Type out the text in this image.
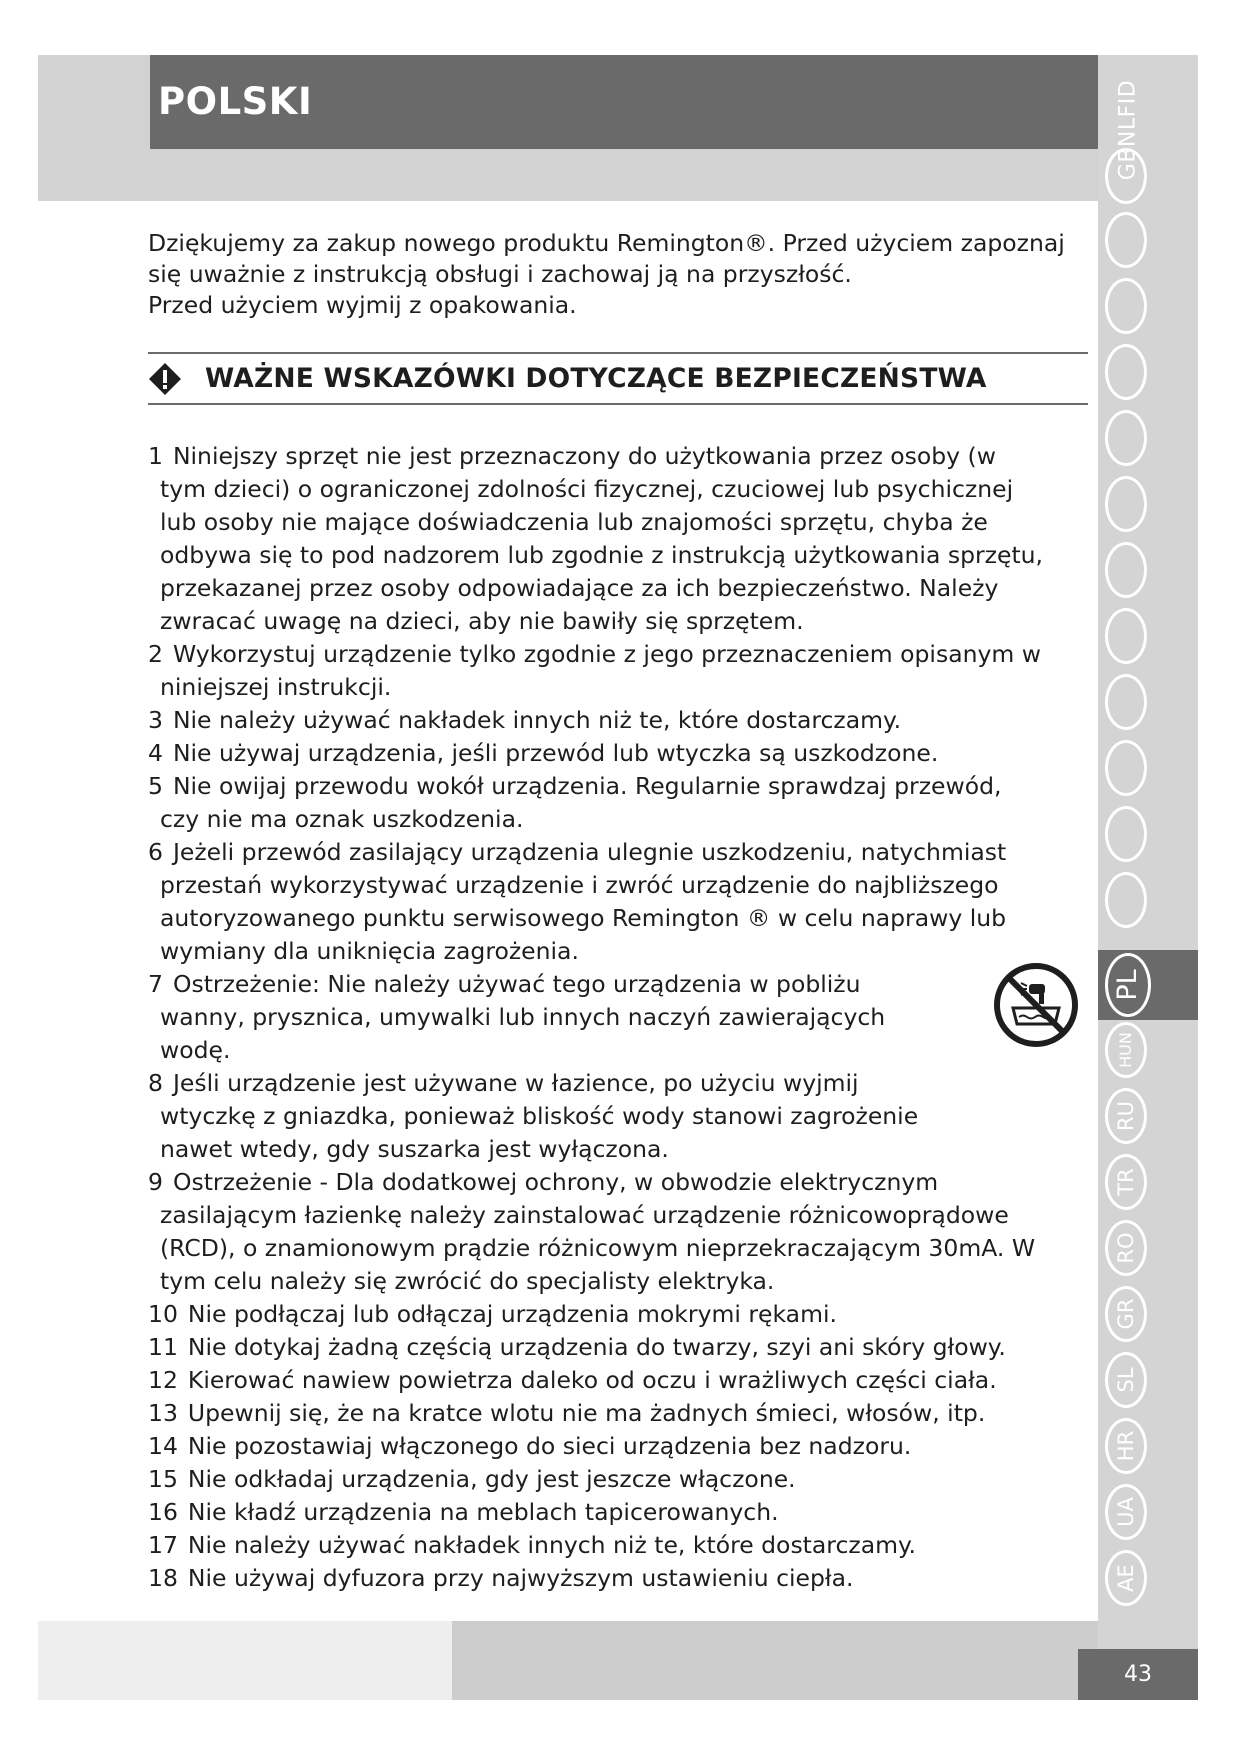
POLSKI
GBNLFID
PL
HUN
RU
TR
RO
GR
SL
HR
UA
AE
43

Dziękujemy za zakup nowego produktu Remington®. Przed użyciem zapoznaj się uważnie z instrukcją obsługi i zachowaj ją na przyszłość.

Przed użyciem wyjmij z opakowania.

WAŻNE WSKAZÓWKI DOTYCZĄCE BEZPIECZEŃSTWA
1 Niniejszy sprzęt nie jest przeznaczony do użytkowania przez osoby (w tym dzieci) o ograniczonej zdolności fizycznej, czuciowej lub psychicznej lub osoby nie mające doświadczenia lub znajomości sprzętu, chyba że odbywa się to pod nadzorem lub zgodnie z instrukcją użytkowania sprzętu, przekazanej przez osoby odpowiadające za ich bezpieczeństwo. Należy zwracać uwagę na dzieci, aby nie bawiły się sprzętem.
2 Wykorzystuj urządzenie tylko zgodnie z jego przeznaczeniem opisanym w niniejszej instrukcji.
3 Nie należy używać nakładek innych niż te, które dostarczamy.
4 Nie używaj urządzenia, jeśli przewód lub wtyczka są uszkodzone.
5 Nie owijaj przewodu wokół urządzenia. Regularnie sprawdzaj przewód, czy nie ma oznak uszkodzenia.
6 Jeżeli przewód zasilający urządzenia ulegnie uszkodzeniu, natychmiast przestań wykorzystywać urządzenie i zwróć urządzenie do najbliższego autoryzowanego punktu serwisowego Remington ® w celu naprawy lub wymiany dla uniknięcia zagrożenia.
7 Ostrzeżenie: Nie należy używać tego urządzenia w pobliżu wanny, prysznica, umywalki lub innych naczyń zawierających wodę.
8 Jeśli urządzenie jest używane w łazience, po użyciu wyjmij wtyczkę z gniazdka, ponieważ bliskość wody stanowi zagrożenie nawet wtedy, gdy suszarka jest wyłączona.
9 Ostrzeżenie - Dla dodatkowej ochrony, w obwodzie elektrycznym zasilającym łazienkę należy zainstalować urządzenie różnicowoprądowe (RCD), o znamionowym prądzie różnicowym nieprzekraczającym 30mA. W tym celu należy się zwrócić do specjalisty elektryka.
10 Nie podłączaj lub odłączaj urządzenia mokrymi rękami.
11 Nie dotykaj żadną częścią urządzenia do twarzy, szyi ani skóry głowy.
12 Kierować nawiew powietrza daleko od oczu i wrażliwych części ciała.
13 Upewnij się, że na kratce wlotu nie ma żadnych śmieci, włosów, itp.
14 Nie pozostawiaj włączonego do sieci urządzenia bez nadzoru.
15 Nie odkładaj urządzenia, gdy jest jeszcze włączone.
16 Nie kładź urządzenia na meblach tapicerowanych.
17 Nie należy używać nakładek innych niż te, które dostarczamy.
18 Nie używaj dyfuzora przy najwyższym ustawieniu ciepła.
